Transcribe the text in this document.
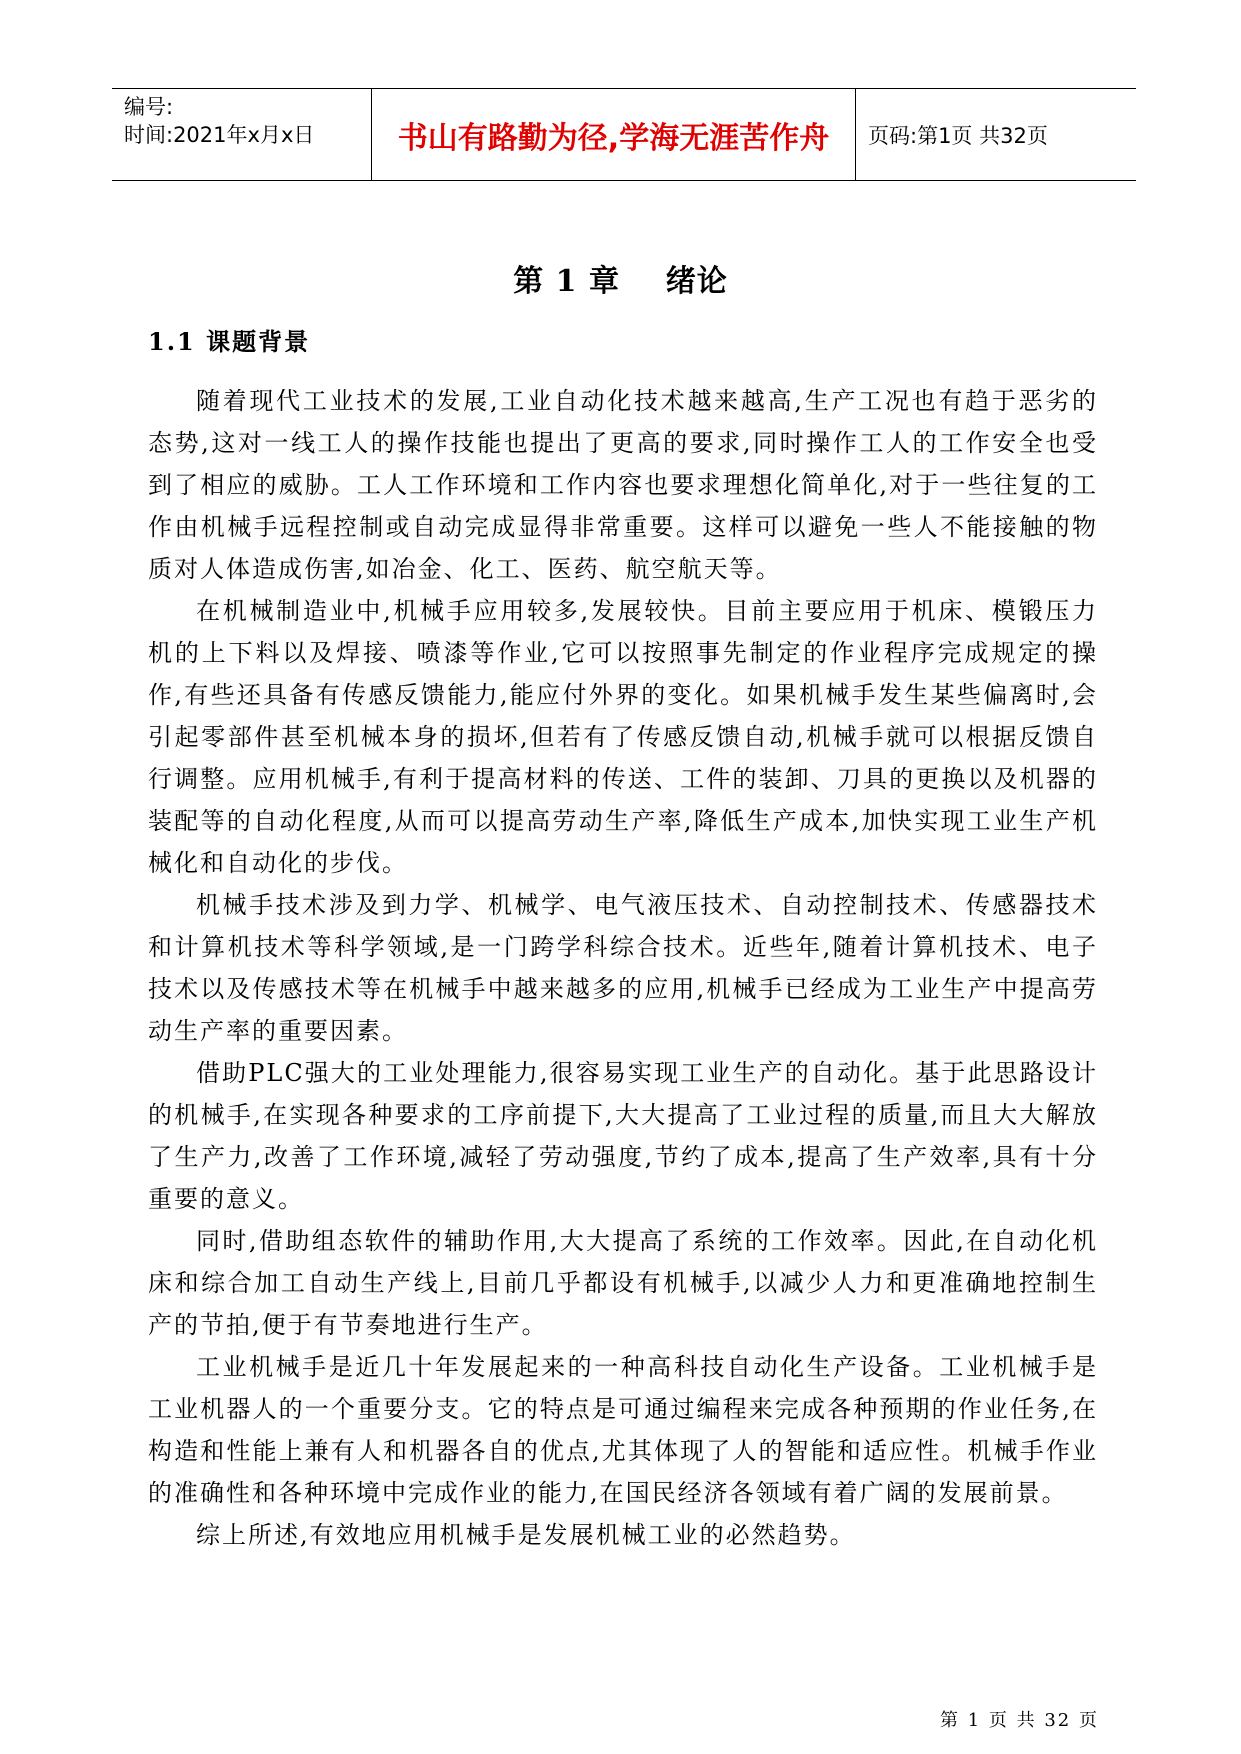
编号:
时间:2021年x月x日	书山有路勤为径,学海无涯苦作舟	页码:第1页 共32页
第 1 章    绪论
1.1 课题背景

随着现代工业技术的发展,工业自动化技术越来越高,生产工况也有趋于恶劣的态势,这对一线工人的操作技能也提出了更高的要求,同时操作工人的工作安全也受到了相应的威胁。工人工作环境和工作内容也要求理想化简单化,对于一些往复的工作由机械手远程控制或自动完成显得非常重要。这样可以避免一些人不能接触的物质对人体造成伤害,如冶金、化工、医药、航空航天等。

在机械制造业中,机械手应用较多,发展较快。目前主要应用于机床、模锻压力机的上下料以及焊接、喷漆等作业,它可以按照事先制定的作业程序完成规定的操作,有些还具备有传感反馈能力,能应付外界的变化。如果机械手发生某些偏离时,会引起零部件甚至机械本身的损坏,但若有了传感反馈自动,机械手就可以根据反馈自行调整。应用机械手,有利于提高材料的传送、工件的装卸、刀具的更换以及机器的装配等的自动化程度,从而可以提高劳动生产率,降低生产成本,加快实现工业生产机械化和自动化的步伐。

机械手技术涉及到力学、机械学、电气液压技术、自动控制技术、传感器技术和计算机技术等科学领域,是一门跨学科综合技术。近些年,随着计算机技术、电子技术以及传感技术等在机械手中越来越多的应用,机械手已经成为工业生产中提高劳动生产率的重要因素。

借助PLC强大的工业处理能力,很容易实现工业生产的自动化。基于此思路设计的机械手,在实现各种要求的工序前提下,大大提高了工业过程的质量,而且大大解放了生产力,改善了工作环境,减轻了劳动强度,节约了成本,提高了生产效率,具有十分重要的意义。

同时,借助组态软件的辅助作用,大大提高了系统的工作效率。因此,在自动化机床和综合加工自动生产线上,目前几乎都设有机械手,以减少人力和更准确地控制生产的节拍,便于有节奏地进行生产。

工业机械手是近几十年发展起来的一种高科技自动化生产设备。工业机械手是工业机器人的一个重要分支。它的特点是可通过编程来完成各种预期的作业任务,在构造和性能上兼有人和机器各自的优点,尤其体现了人的智能和适应性。机械手作业的准确性和各种环境中完成作业的能力,在国民经济各领域有着广阔的发展前景。

综上所述,有效地应用机械手是发展机械工业的必然趋势。

第 1 页 共 32 页
